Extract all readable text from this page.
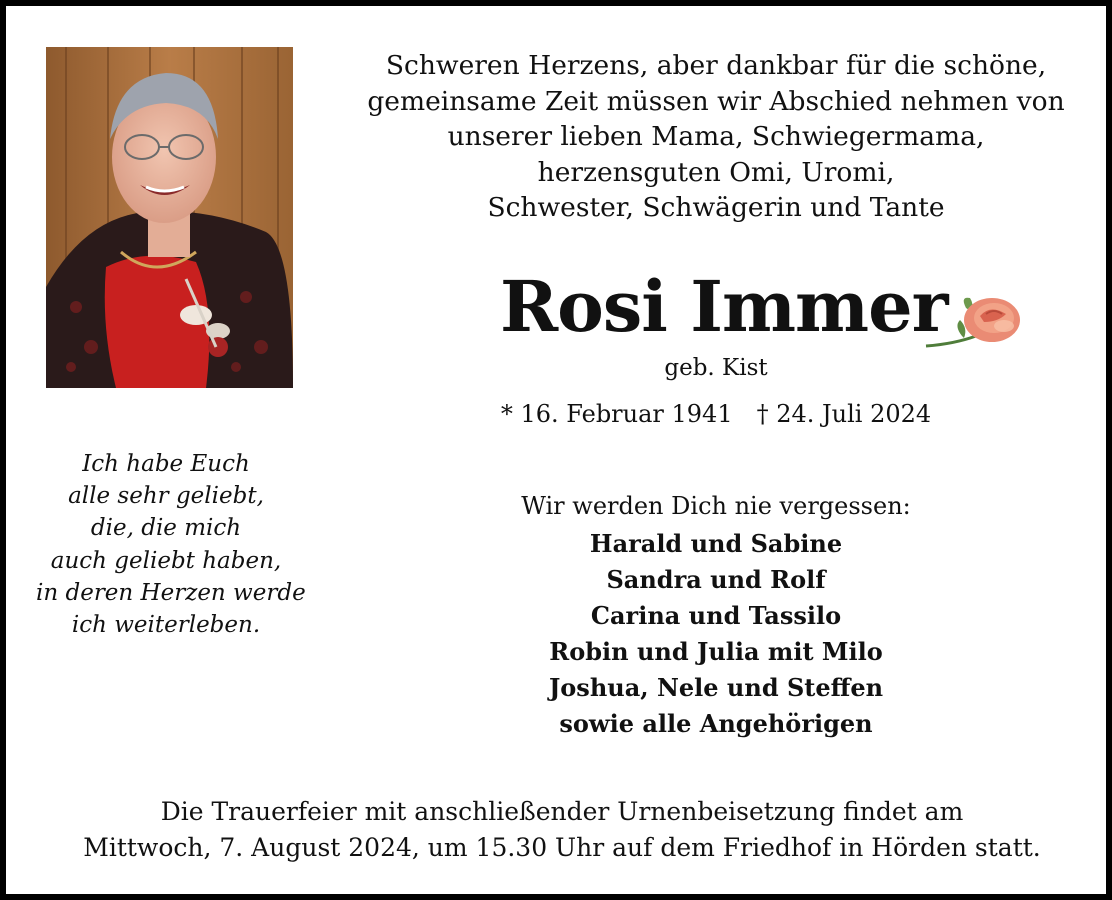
Schweren Herzens, aber dankbar für die schöne,
gemeinsame Zeit müssen wir Abschied nehmen von
unserer lieben Mama, Schwiegermama,
herzensguten Omi, Uromi,
Schwester, Schwägerin und Tante
Rosi Immer
geb. Kist
* 16. Februar 1941 † 24. Juli 2024
Ich habe Euch
alle sehr geliebt,
die, die mich
auch geliebt haben,
in deren Herzen werde
ich weiterleben.
Wir werden Dich nie vergessen:
Harald und Sabine
Sandra und Rolf
Carina und Tassilo
Robin und Julia mit Milo
Joshua, Nele und Steffen
sowie alle Angehörigen
Die Trauerfeier mit anschließender Urnenbeisetzung findet am
Mittwoch, 7. August 2024, um 15.30 Uhr auf dem Friedhof in Hörden statt.
